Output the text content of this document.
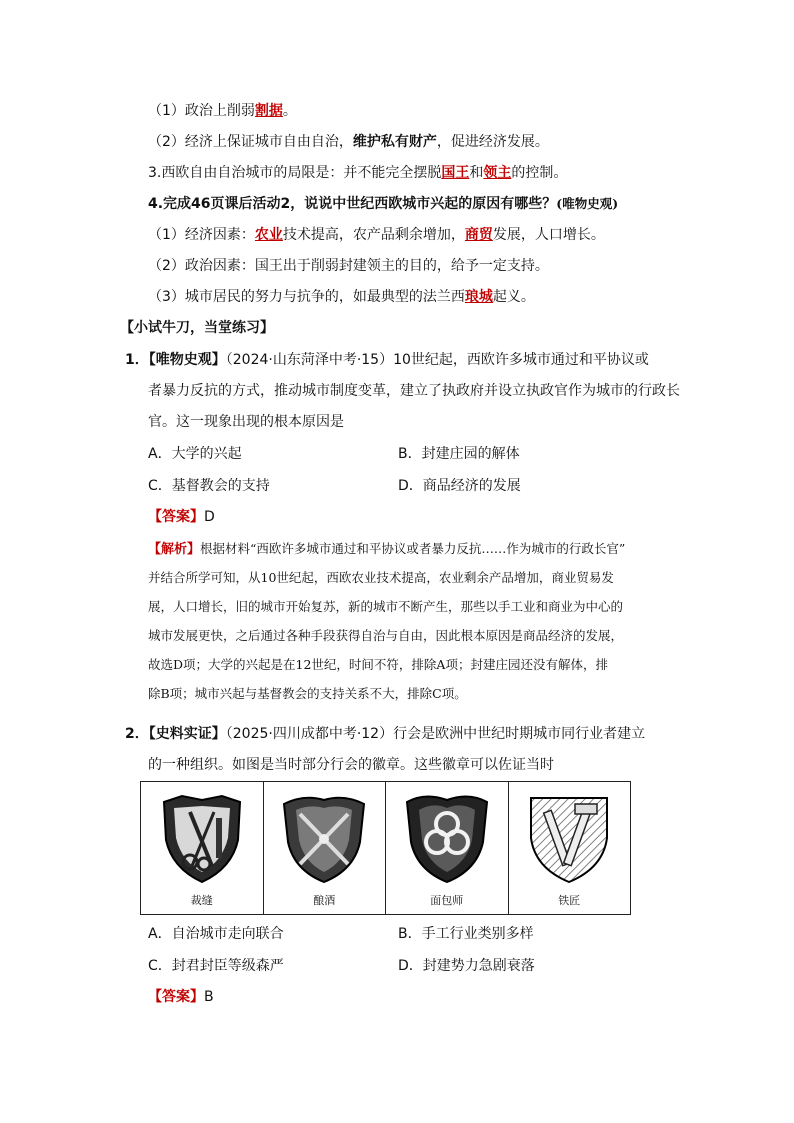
（1）政治上削弱割据。
（2）经济上保证城市自由自治，维护私有财产，促进经济发展。
3.西欧自由自治城市的局限是：并不能完全摆脱国王和领主的控制。
4.完成46页课后活动2，说说中世纪西欧城市兴起的原因有哪些？(唯物史观)
（1）经济因素：农业技术提高，农产品剩余增加，商贸发展，人口增长。
（2）政治因素：国王出于削弱封建领主的目的，给予一定支持。
（3）城市居民的努力与抗争的，如最典型的法兰西琅城起义。
【小试牛刀，当堂练习】
1．【唯物史观】（2024·山东菏泽中考·15）10世纪起，西欧许多城市通过和平协议或
者暴力反抗的方式，推动城市制度变革，建立了执政府并设立执政官作为城市的行政长
官。这一现象出现的根本原因是
A．大学的兴起	B．封建庄园的解体
C．基督教会的支持	D．商品经济的发展
【答案】D
【解析】根据材料“西欧许多城市通过和平协议或者暴力反抗……作为城市的行政长官”
并结合所学可知，从10世纪起，西欧农业技术提高，农业剩余产品增加，商业贸易发
展，人口增长，旧的城市开始复苏，新的城市不断产生，那些以手工业和商业为中心的
城市发展更快，之后通过各种手段获得自治与自由，因此根本原因是商品经济的发展，
故选D项；大学的兴起是在12世纪，时间不符，排除A项；封建庄园还没有解体，排
除B项；城市兴起与基督教会的支持关系不大，排除C项。
2．【史料实证】（2025·四川成都中考·12）行会是欧洲中世纪时期城市同行业者建立
的一种组织。如图是当时部分行会的徽章。这些徽章可以佐证当时
裁缝	酿酒	面包师	铁匠
A．自治城市走向联合	B．手工行业类别多样
C．封君封臣等级森严	D．封建势力急剧衰落
【答案】B
